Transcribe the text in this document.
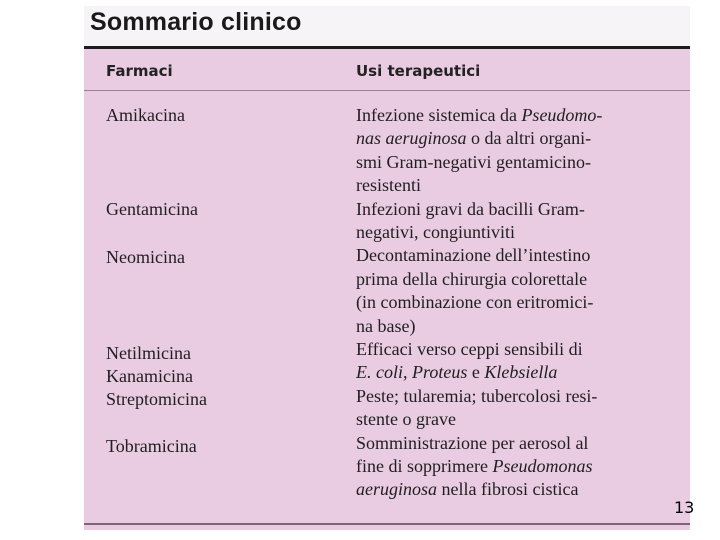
Sommario clinico
Farmaci	Usi terapeutici
Amikacina
Gentamicina
Neomicina
Netilmicina
Kanamicina
Streptomicina
Tobramicina
Infezione sistemica da Pseudomo-
nas aeruginosa o da altri organi-
smi Gram-negativi gentamicino-
resistenti
Infezioni gravi da bacilli Gram-
negativi, congiuntiviti
Decontaminazione dell’intestino
prima della chirurgia colorettale
(in combinazione con eritromici-
na base)
Efficaci verso ceppi sensibili di
E. coli, Proteus e Klebsiella
Peste; tularemia; tubercolosi resi-
stente o grave
Somministrazione per aerosol al
fine di sopprimere Pseudomonas
aeruginosa nella fibrosi cistica
13
